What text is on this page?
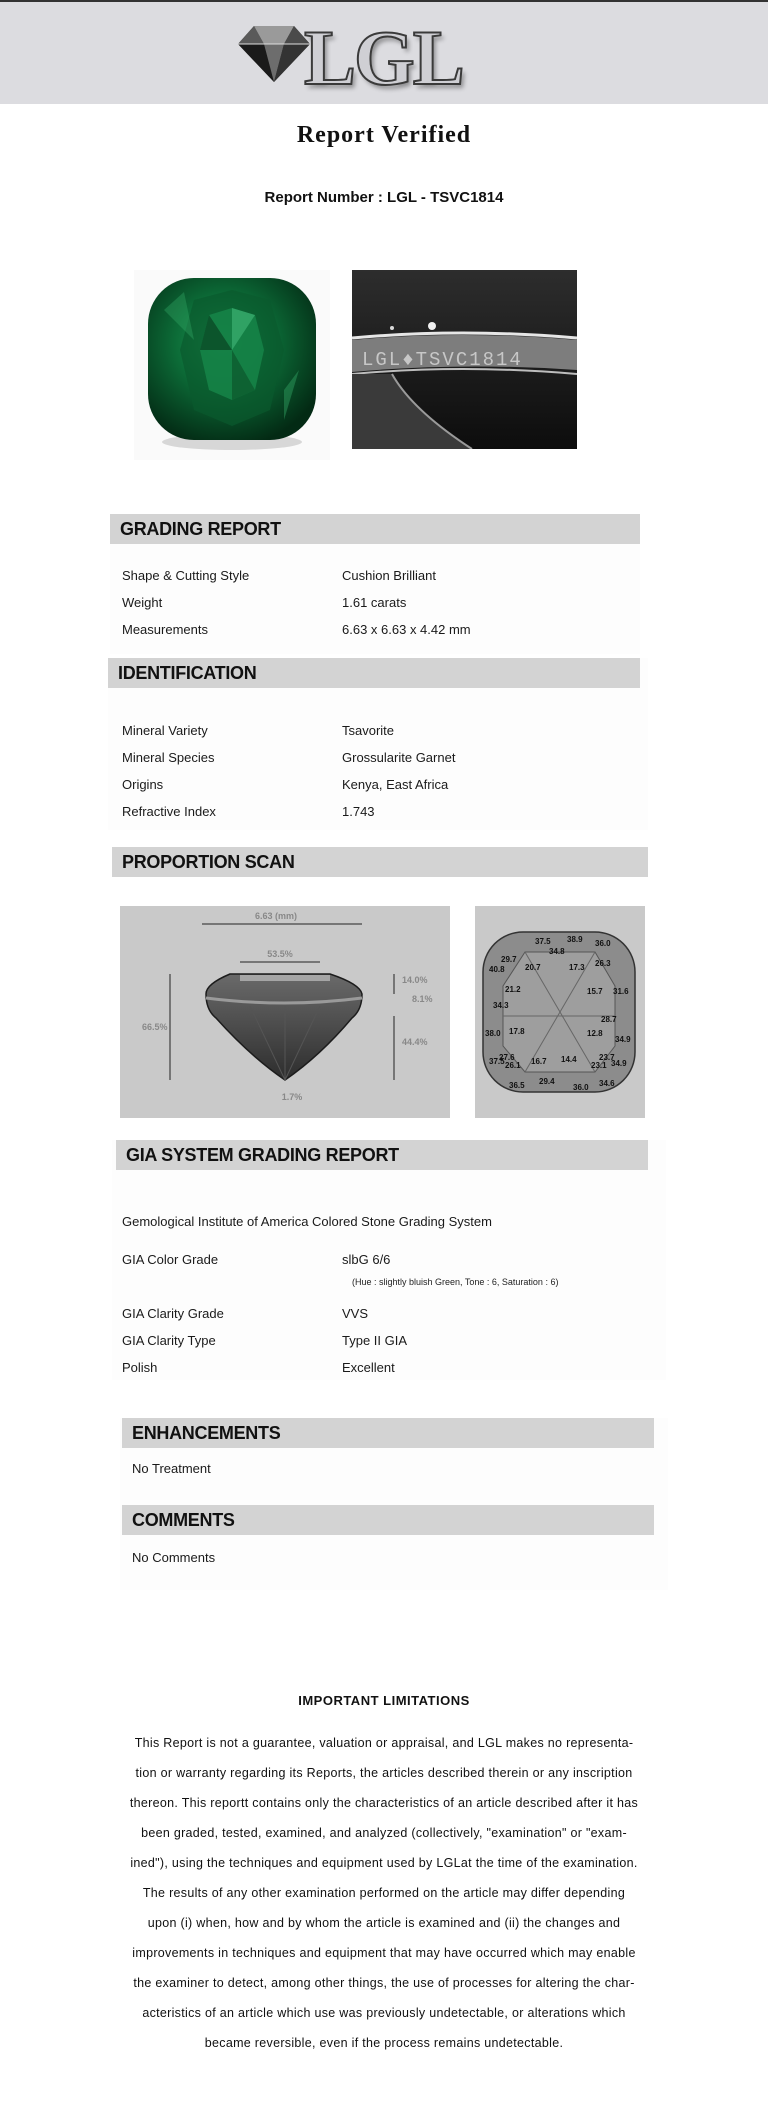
LGL
Report Verified
Report Number : LGL - TSVC1814
LGL♦TSVC1814
GRADING REPORT
Shape & Cutting Style	Cushion Brilliant
Weight	1.61 carats
Measurements	6.63 x 6.63 x 4.42 mm
IDENTIFICATION
Mineral Variety	Tsavorite
Mineral Species	Grossularite Garnet
Origins	Kenya, East Africa
Refractive Index	1.743
PROPORTION SCAN
6.63 (mm)
53.5%
66.5%
14.0%
8.1%
44.4%
1.7%
37.5 38.9 36.0
29.7
34.8
40.8	20.7	17.3 26.3
21.2	15.7 31.6
34.3
28.7
12.8
34.9
38.0 17.8
37.5
27.6
26.1 16.7 14.4	23.7
23.1 34.9
36.5 29.4
36.0 34.6
GIA SYSTEM GRADING REPORT
Gemological Institute of America Colored Stone Grading System
GIA Color Grade	slbG 6/6
(Hue : slightly bluish Green, Tone : 6, Saturation : 6)
GIA Clarity Grade	VVS
GIA Clarity Type	Type II GIA
Polish	Excellent
ENHANCEMENTS
No Treatment
COMMENTS
No Comments
IMPORTANT LIMITATIONS
This Report is not a guarantee, valuation or appraisal, and LGL makes no representa-
tion or warranty regarding its Reports, the articles described therein or any inscription
thereon. This reportt contains only the characteristics of an article described after it has
been graded, tested, examined, and analyzed (collectively, "examination" or "exam-
ined"), using the techniques and equipment used by LGLat the time of the examination.
The results of any other examination performed on the article may differ depending
upon (i) when, how and by whom the article is examined and (ii) the changes and
improvements in techniques and equipment that may have occurred which may enable
the examiner to detect, among other things, the use of processes for altering the char-
acteristics of an article which use was previously undetectable, or alterations which
became reversible, even if the process remains undetectable.
